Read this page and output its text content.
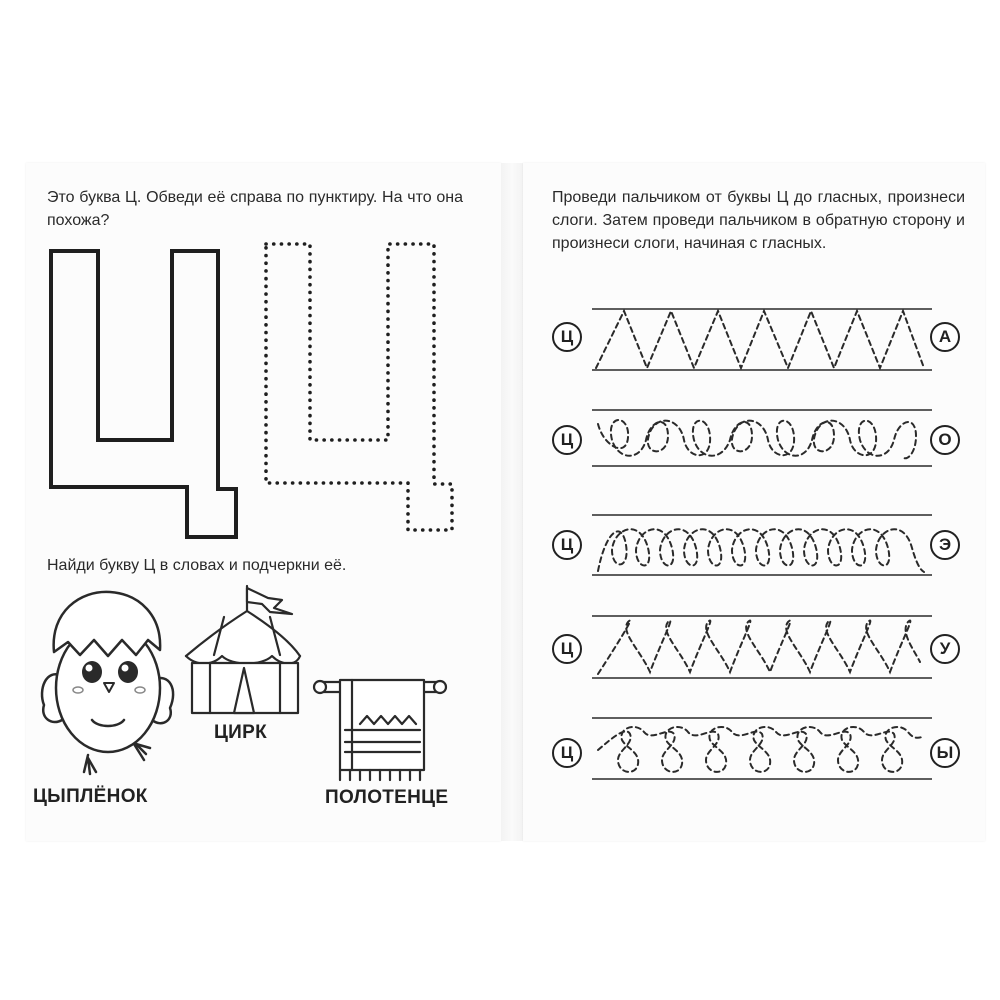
Это буква Ц. Обведи её справа по пунктиру. На что она похожа?
Найди букву Ц в словах и подчеркни её.
ЦЫПЛЁНОК
ЦИРК
ПОЛОТЕНЦЕ
Проведи пальчиком от буквы Ц до гласных, произнеси слоги. Затем проведи пальчиком в обратную сторону и произнеси слоги, начиная с гласных.
Ц	А
Ц	О
Ц	Э
Ц	У
Ц	Ы
